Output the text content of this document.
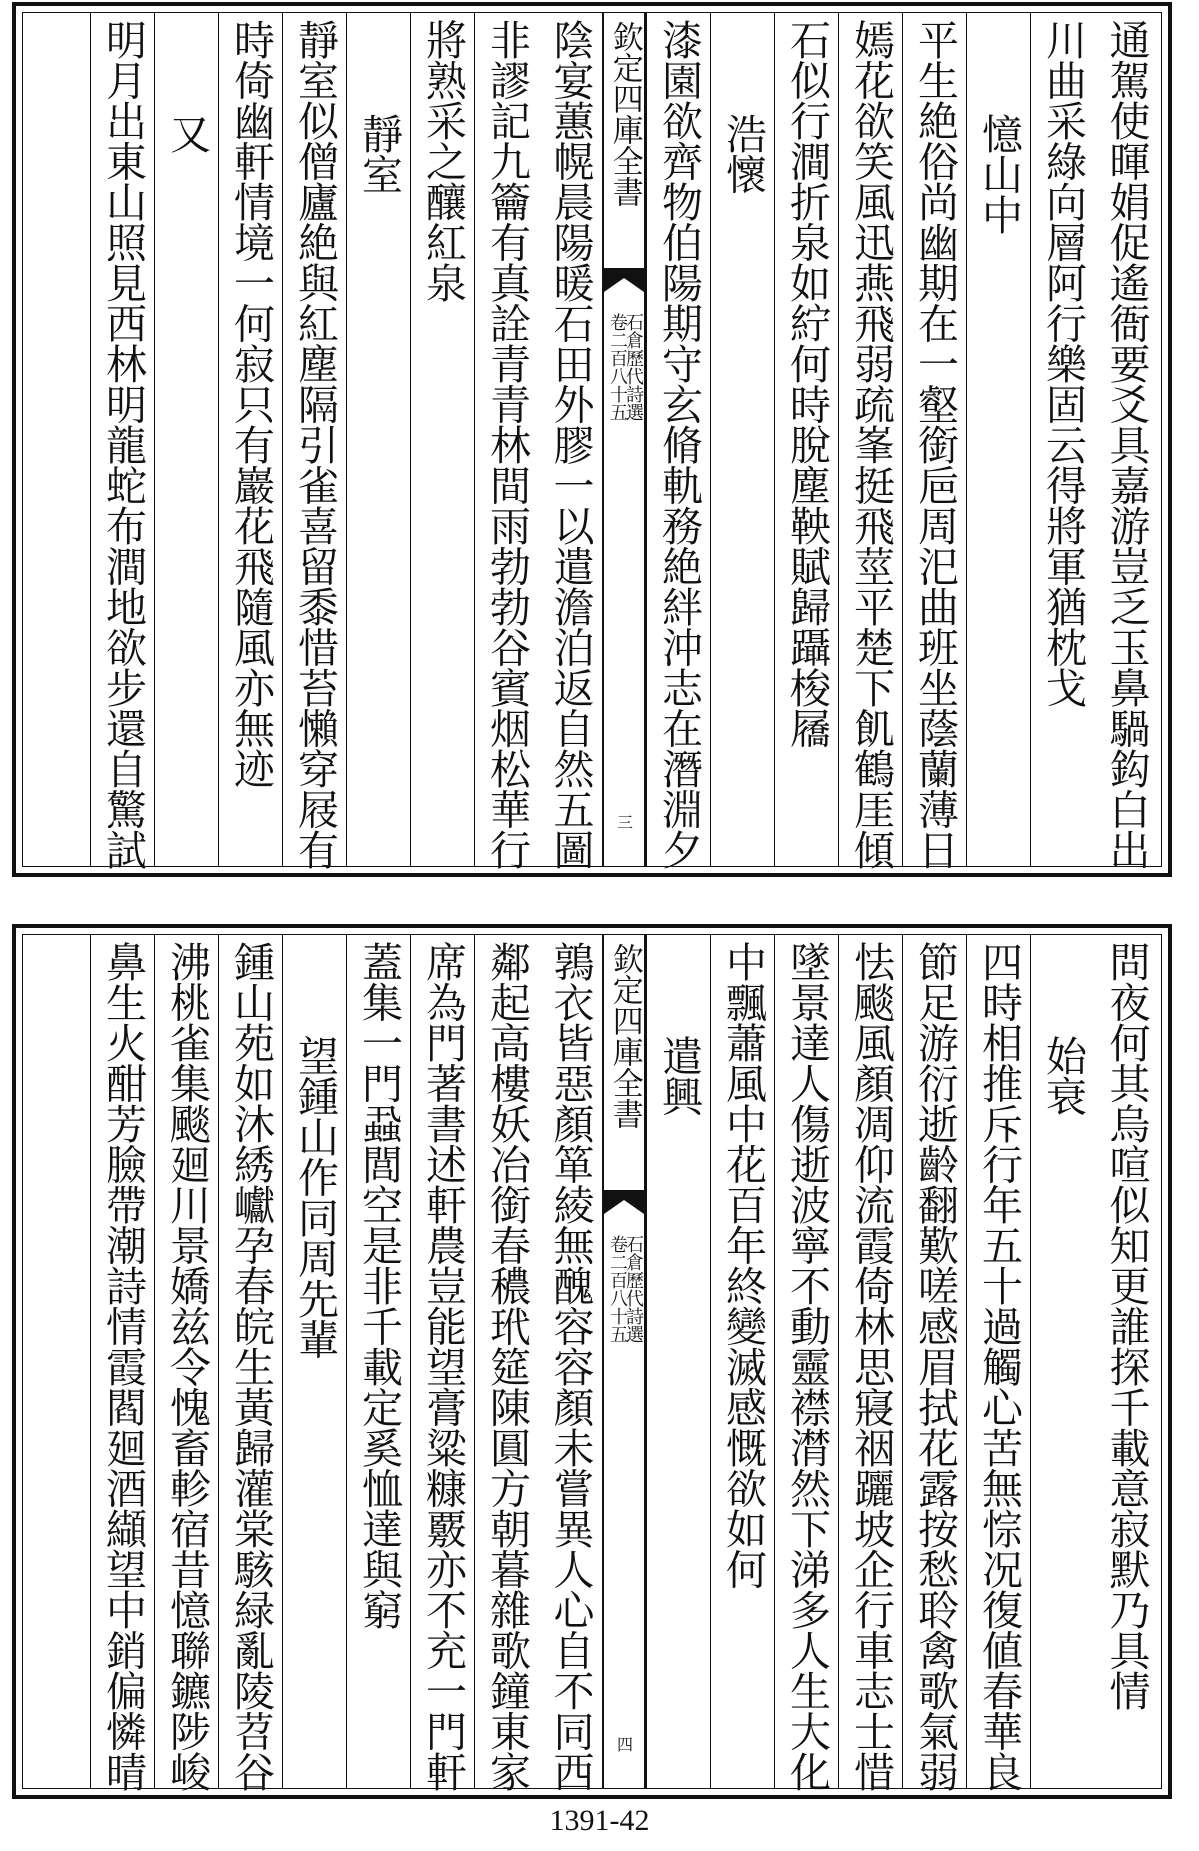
通駕使暉娟促遙衙要爻具嘉游豈乏玉鼻騧鈎白出
川曲采綠向層阿行樂固云得將軍猶枕戈
憶山中
平生絶俗尚幽期在一壑銜巵周汜曲班坐蔭蘭薄日
嫣花欲笑風迅燕飛弱疏峯挺飛莖平楚下飢鶴厓傾
石似行澗折泉如紵何時脫塵鞅賦歸躡梭屩
浩懷
漆園欲齊物伯陽期守玄脩軌務絶絆沖志在潛淵夕
欽定四庫全書
石倉歷代詩選
卷二百八十五
三
陰宴蕙幌晨陽暖石田外膠一以遣澹泊返自然五圖
非謬記九籥有真詮青青林間雨勃勃谷賓烟松華行
將熟采之釀紅泉
靜室
靜室似僧廬絶與紅塵隔引雀喜留黍惜苔懶穿屐有
時倚幽軒情境一何寂只有巖花飛隨風亦無迹
又
明月出東山照見西林明龍蛇布澗地欲步還自驚試
問夜何其烏喧似知更誰探千載意寂默乃具情
始衰
四時相推斥行年五十過觸心苦無悰况復値春華良
節足游衍逝齡翻歎嗟感眉拭花露按愁聆禽歌氣弱
怯颷風顏凋仰流霞倚林思寢䄄躧坡企行車志士惜
墜景達人傷逝波寧不動靈襟潸然下涕多人生大化
中飄蕭風中花百年終變滅感慨欲如何
遣興
欽定四庫全書
石倉歷代詩選
卷二百八十五
四
鶉衣皆惡顏箪綾無醜容容顏未嘗異人心自不同西
鄰起高樓妖冶銜春穠玳筵陳圓方朝暮雜歌鐘東家
席為門著書述軒農豈能望膏粱糠覈亦不充一門軒
蓋集一門蝨閭空是非千載定奚恤達與窮
望鍾山作同周先輩
鍾山苑如沐綉巘孕春皖生黃歸灌棠駭緑亂陵苕谷
沸桃雀集颷廻川景嬌兹令愧畜軫宿昔憶聯鑣陟峻
鼻生火酣芳臉帶潮詩情霞閻廻酒纈望中銷偏憐晴
1391-42
